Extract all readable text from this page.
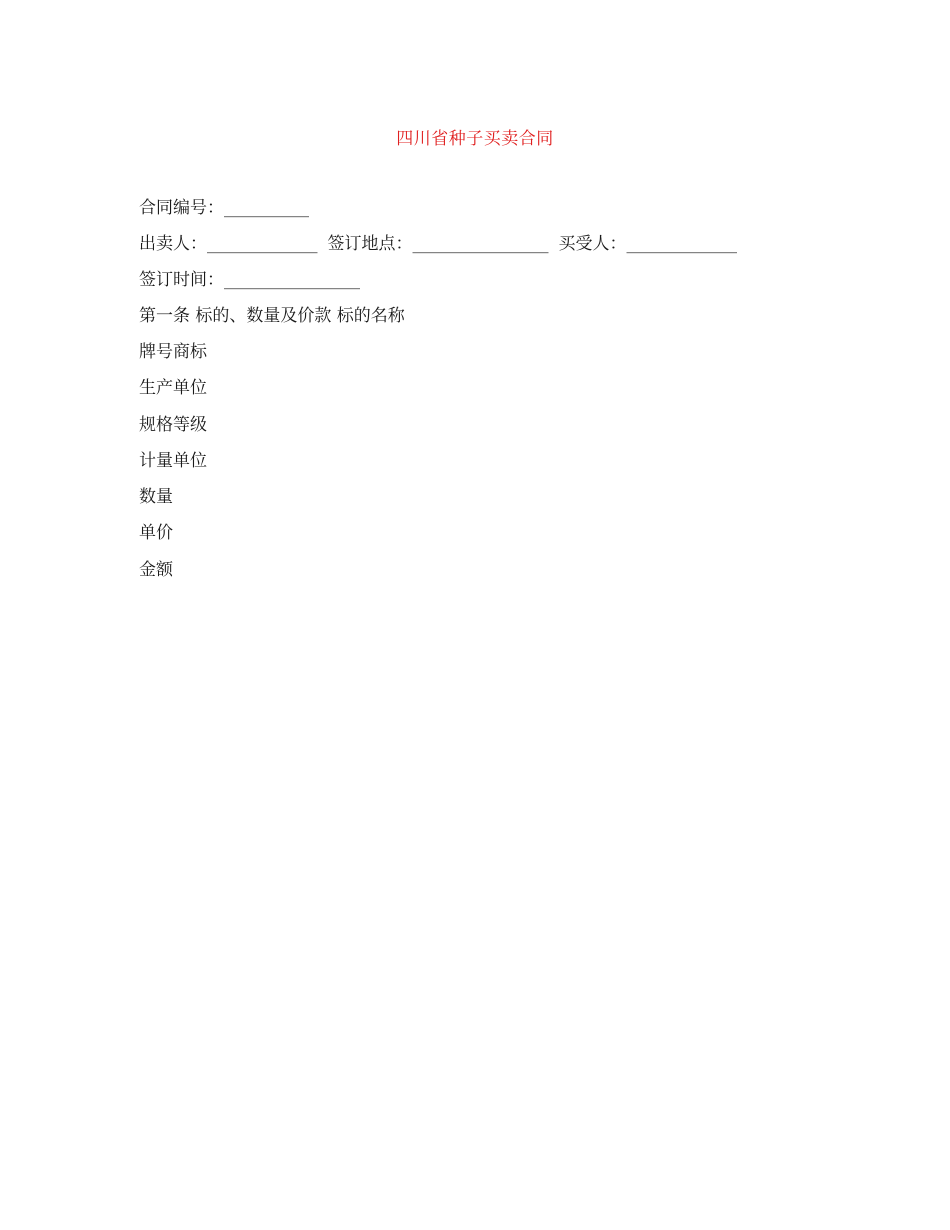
四川省种子买卖合同
合同编号：__________
出卖人：_____________ 签订地点：________________ 买受人：_____________
签订时间：________________
第一条 标的、数量及价款 标的名称
牌号商标
生产单位
规格等级
计量单位
数量
单价
金额
